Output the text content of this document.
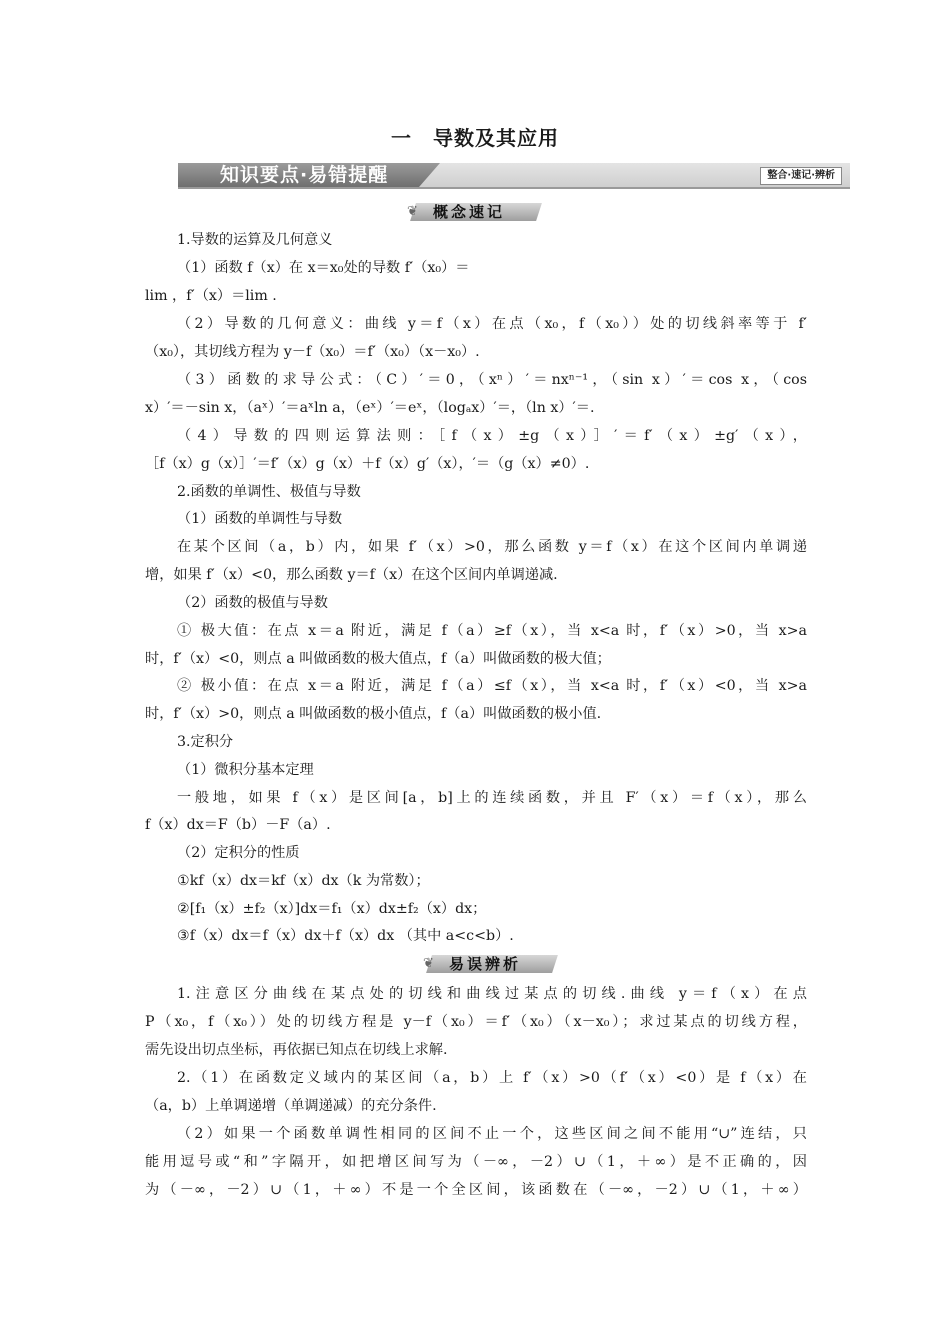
一　导数及其应用
知识要点·易错提醒	整合·速记·辨析
❦ 概念速记
1.导数的运算及几何意义
（1）函数 f（x）在 x＝x₀处的导数 f′（x₀）＝
lim ，f′（x）＝lim .
（2）导数的几何意义：曲线 y＝f（x）在点（x₀，f（x₀））处的切线斜率等于 f′
（x₀），其切线方程为 y－f（x₀）＝f′（x₀）（x－x₀）.
（3）函数的求导公式：（C）′＝0，（xⁿ）′＝nxⁿ⁻¹，（sin x）′＝cos x，（cos
x）′＝－sin x，（aˣ）′＝aˣln a，（eˣ）′＝eˣ，（logₐx）′＝，（ln x）′＝.
（4）导数的四则运算法则：［f（x）±g（x）］′＝f′（x）±g′（x），
［f（x）g（x）］′＝f′（x）g（x）＋f（x）g′（x），′＝（g（x）≠0）.
2.函数的单调性、极值与导数
（1）函数的单调性与导数
在某个区间（a，b）内，如果 f′（x）>0，那么函数 y＝f（x）在这个区间内单调递
增，如果 f′（x）<0，那么函数 y＝f（x）在这个区间内单调递减.
（2）函数的极值与导数
① 极大值：在点 x＝a 附近，满足 f（a）≥f（x），当 x<a 时，f′（x）>0，当 x>a
时，f′（x）<0，则点 a 叫做函数的极大值点，f（a）叫做函数的极大值；
② 极小值：在点 x＝a 附近，满足 f（a）≤f（x），当 x<a 时，f′（x）<0，当 x>a
时，f′（x）>0，则点 a 叫做函数的极小值点，f（a）叫做函数的极小值.
3.定积分
（1）微积分基本定理
一般地，如果 f（x）是区间[a，b]上的连续函数，并且 F′（x）＝f（x），那么
f（x）dx＝F（b）－F（a）.
（2）定积分的性质
①kf（x）dx＝kf（x）dx（k 为常数）；
②[f₁（x）±f₂（x）]dx＝f₁（x）dx±f₂（x）dx；
③f（x）dx＝f（x）dx＋f（x）dx （其中 a<c<b）.
❦ 易误辨析
1.注意区分曲线在某点处的切线和曲线过某点的切线.曲线 y＝f（x）在点
P（x₀，f（x₀））处的切线方程是 y－f（x₀）＝f′（x₀）（x－x₀）；求过某点的切线方程，
需先设出切点坐标，再依据已知点在切线上求解.
2.（1）在函数定义域内的某区间（a，b）上 f′（x）>0（f′（x）<0）是 f（x）在
（a，b）上单调递增（单调递减）的充分条件.
（2）如果一个函数单调性相同的区间不止一个，这些区间之间不能用“∪”连结，只
能用逗号或“和”字隔开，如把增区间写为（－∞，－2）∪（1，＋∞）是不正确的，因
为（－∞，－2）∪（1，＋∞）不是一个全区间，该函数在（－∞，－2）∪（1，＋∞）
